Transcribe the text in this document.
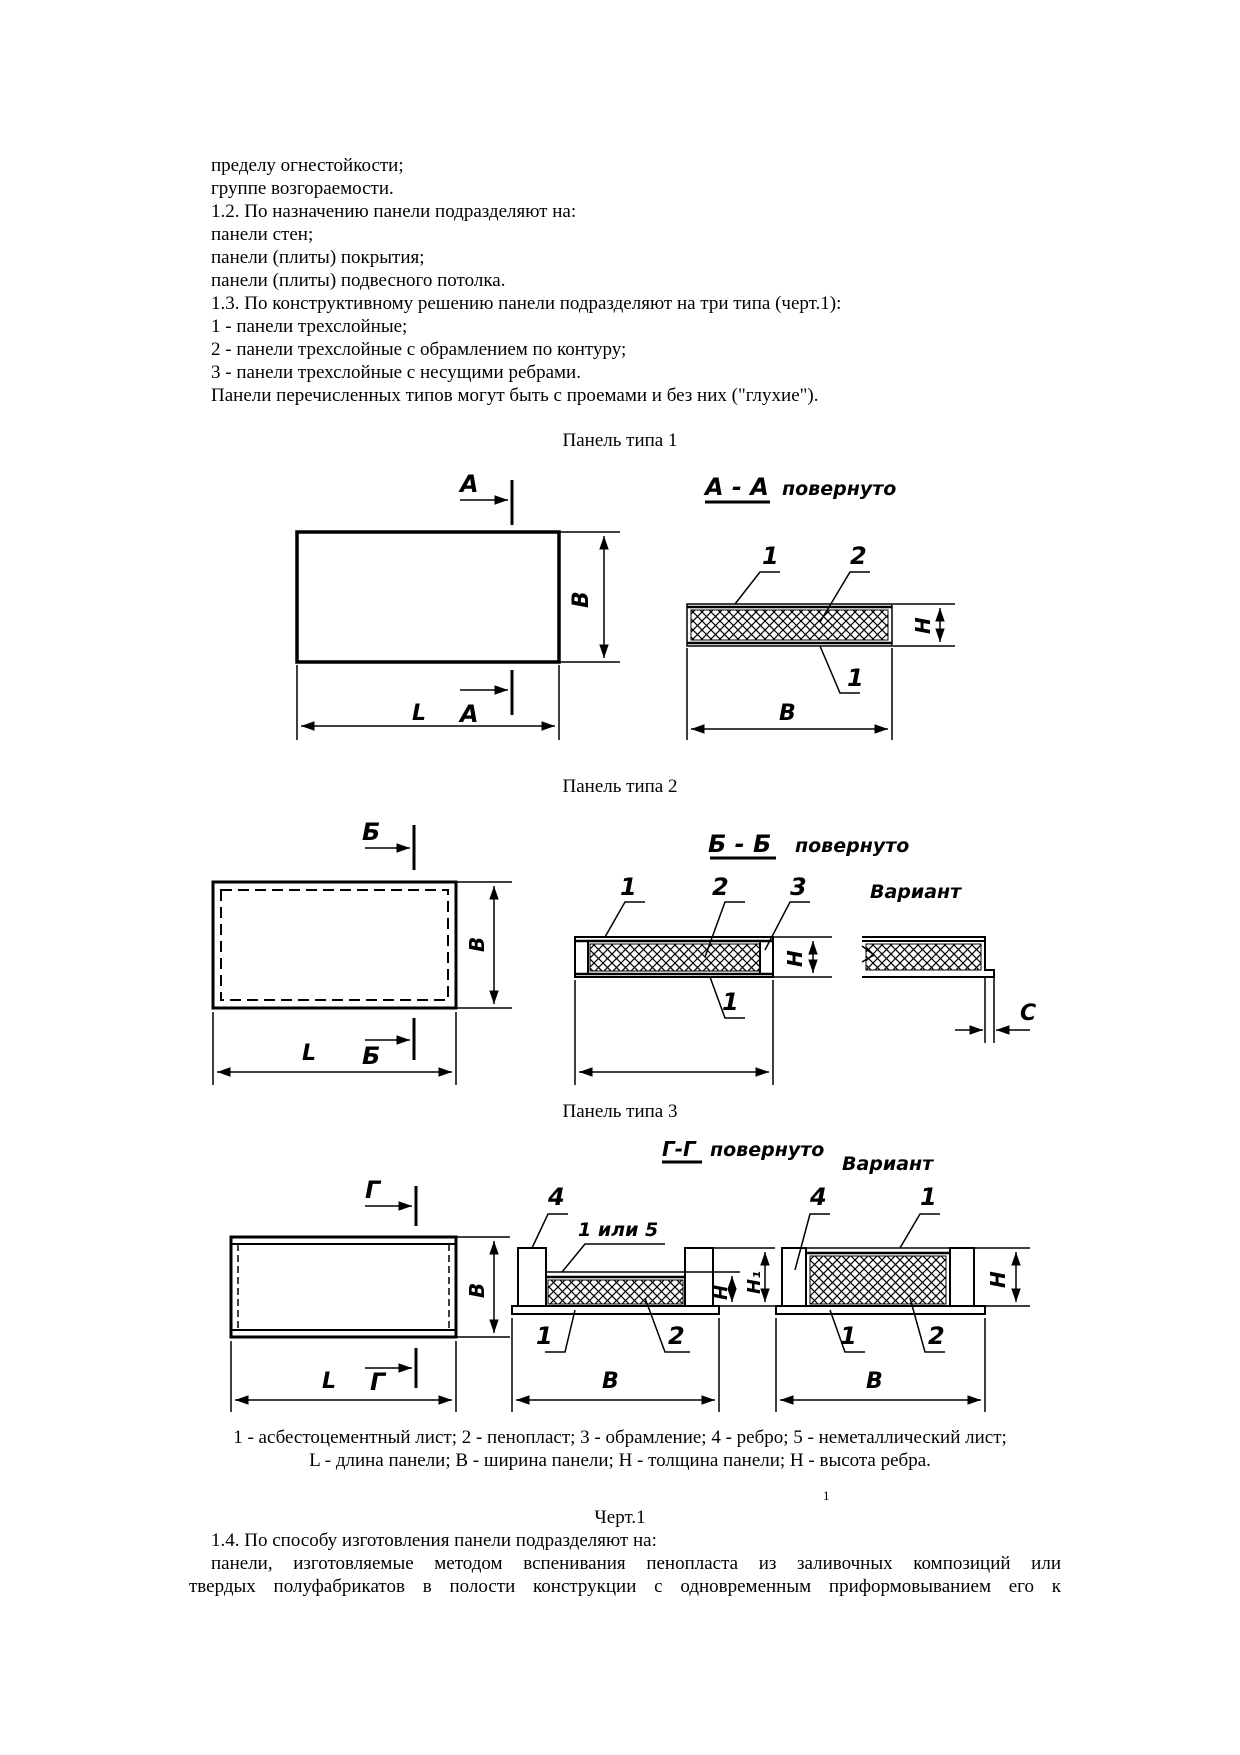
пределу огнестойкости;
группе возгораемости.
1.2. По назначению панели подразделяют на:
панели стен;
панели (плиты) покрытия;
панели (плиты) подвесного потолка.
1.3. По конструктивному решению панели подразделяют на три типа (черт.1):
1 - панели трехслойные;
2 - панели трехслойные с обрамлением по контуру;
3 - панели трехслойные с несущими ребрами.
Панели перечисленных типов могут быть с проемами и без них ("глухие").
Панель типа 1
Панель типа 2
Панель типа 3
А
А
L
B
А - А повернуто
1	2
1
H
B
Б
Б
L
B
Б - Б повернуто
Вариант
1	2	3
1
H
C
Г
Г
L
B
Г-Г повернуто
Вариант
4
1 или 5
1	2
H H₁
B
4	1
1	2
H
B
1 - асбестоцементный лист; 2 - пенопласт; 3 - обрамление; 4 - ребро; 5 - неметаллический лист;
L - длина панели; B - ширина панели; H - толщина панели; H - высота ребра.
1
Черт.1
1.4. По способу изготовления панели подразделяют на:
панели, изготовляемые методом вспенивания пенопласта из заливочных композиций или
твердых полуфабрикатов в полости конструкции с одновременным приформовыванием его к
